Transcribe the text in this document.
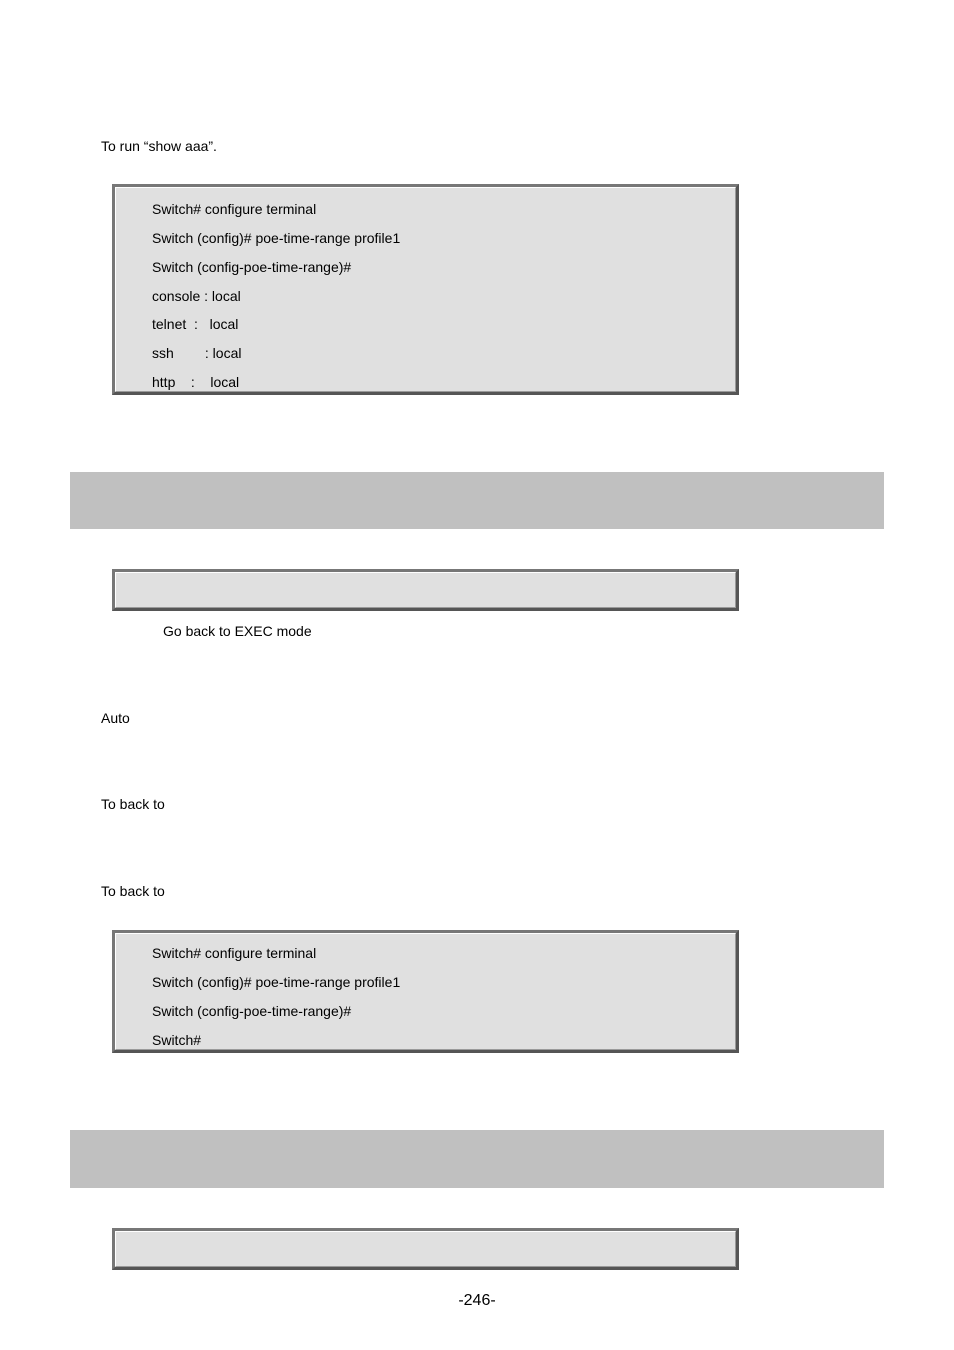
To run “show aaa”.
Switch# configure terminal
Switch (config)# poe-time-range profile1
Switch (config-poe-time-range)#
console : local
telnet  :   local
ssh        : local
http    :    local
Go back to EXEC mode
Auto
To back to
To back to
Switch# configure terminal
Switch (config)# poe-time-range profile1
Switch (config-poe-time-range)#
Switch#
-246-
